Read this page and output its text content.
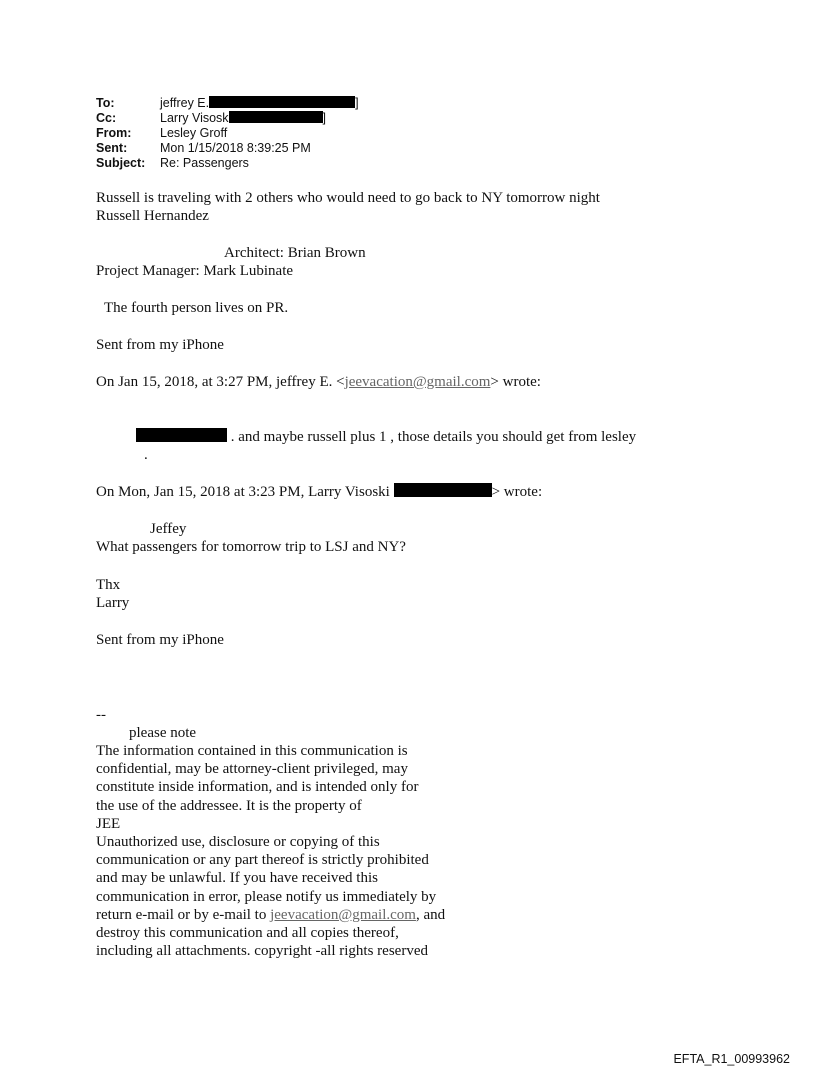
To:	jeffrey E.	]
Cc:	Larry Visosk	]
From: Lesley Groff
Sent:	Mon 1/15/2018 8:39:25 PM
Subject: Re: Passengers
Russell is traveling with 2 others who would need to go back to NY tomorrow night
Russell Hernandez
Architect: Brian Brown
Project Manager: Mark Lubinate
The fourth person lives on PR.
Sent from my iPhone
On Jan 15, 2018, at 3:27 PM, jeffrey E. <jeevacation@gmail.com> wrote:
. and maybe russell plus 1 , those details you should get from lesley
.
On Mon, Jan 15, 2018 at 3:23 PM, Larry Visoski	> wrote:
Jeffey
What passengers for tomorrow trip to LSJ and NY?
Thx
Larry
Sent from my iPhone
--
please note
The information contained in this communication is
confidential, may be attorney-client privileged, may
constitute inside information, and is intended only for
the use of the addressee. It is the property of
JEE
Unauthorized use, disclosure or copying of this
communication or any part thereof is strictly prohibited
and may be unlawful. If you have received this
communication in error, please notify us immediately by
return e-mail or by e-mail to jeevacation@gmail.com, and
destroy this communication and all copies thereof,
including all attachments. copyright -all rights reserved
EFTA_R1_00993962
